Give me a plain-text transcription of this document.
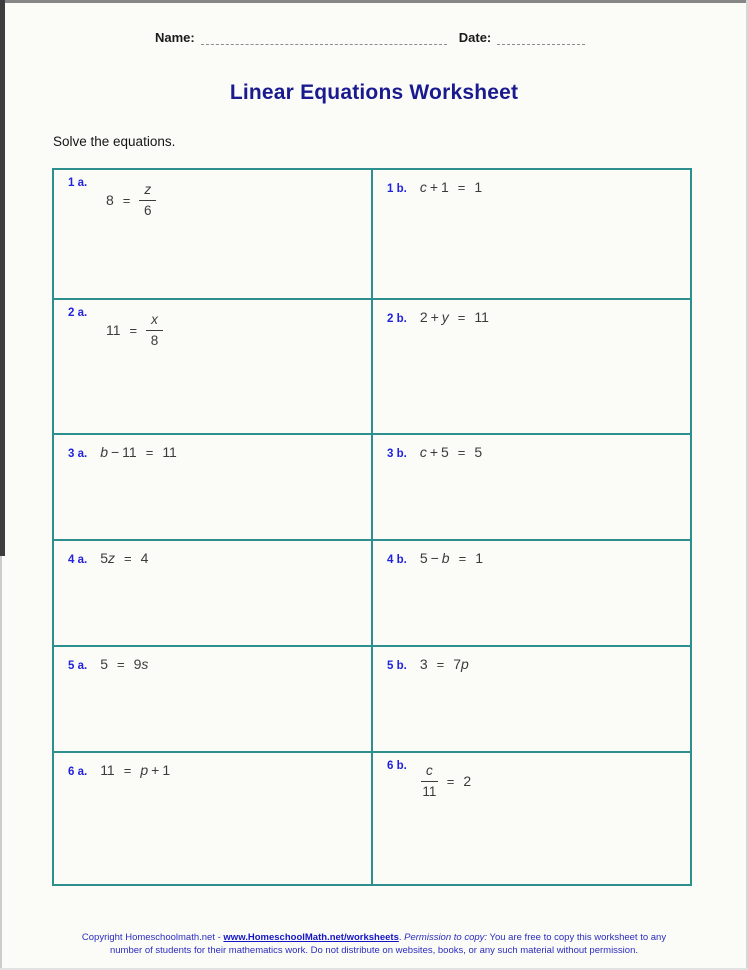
Name:	Date:
Linear Equations Worksheet
Solve the equations.
1 a.
$8 = \frac{z}{6}$	1 b. c + 1 = 1
2 a.
$11 = \frac{x}{8}$	2 b. 2 + y = 11
3 a. b − 11 = 11	3 b. c + 5 = 5
4 a. 5 z = 4	4 b. 5 − b = 1
5 a. 5 = 9 s	5 b. 3 = 7 p
6 a. 11 = p + 1	6 b. $\frac{c}{11} = 2$
Copyright Homeschoolmath.net - www.HomeschoolMath.net/worksheets. Permission to copy: You are free to copy this worksheet to any
number of students for their mathematics work. Do not distribute on websites, books, or any such material without permission.
